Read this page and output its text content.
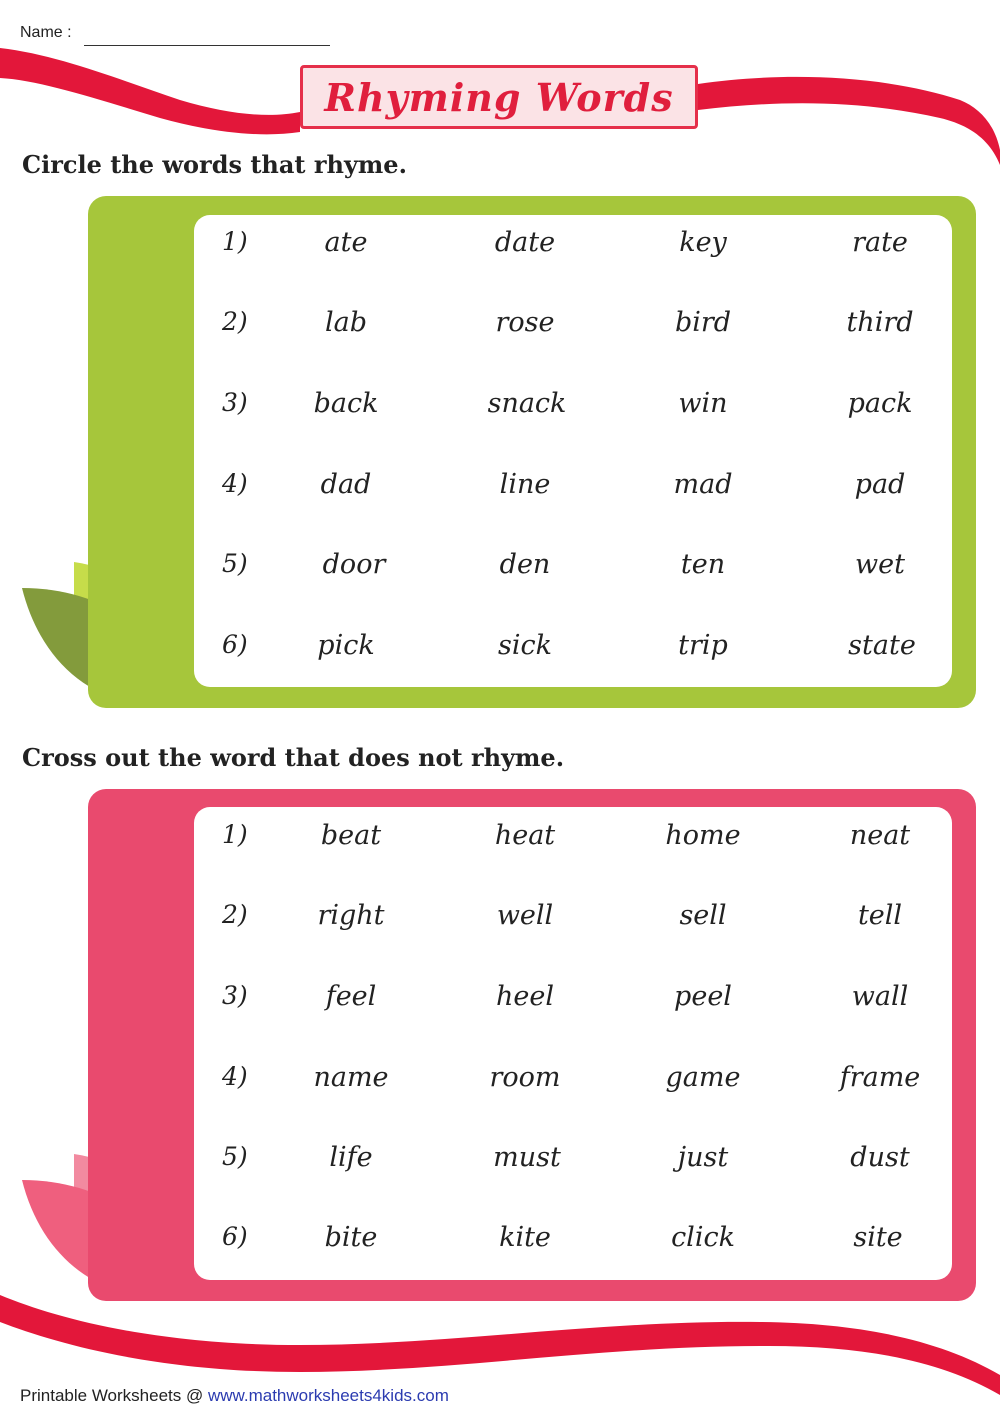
Name :
Rhyming Words
Circle the words that rhyme.
Cross out the word that does not rhyme.
1)	ate	date	key	rate
2)	lab	rose	bird	third
3) back	snack	win	pack
4)	dad	line	mad	pad
5)	door	den	ten	wet
6)	pick	sick	trip	state
1)	beat	heat	home	neat
2)	right	well	sell	tell
3)	feel	heel	peel	wall
4) name	room	game	frame
5)	life	must	just	dust
6)	bite	kite	click	site
Printable Worksheets @ www.mathworksheets4kids.com
